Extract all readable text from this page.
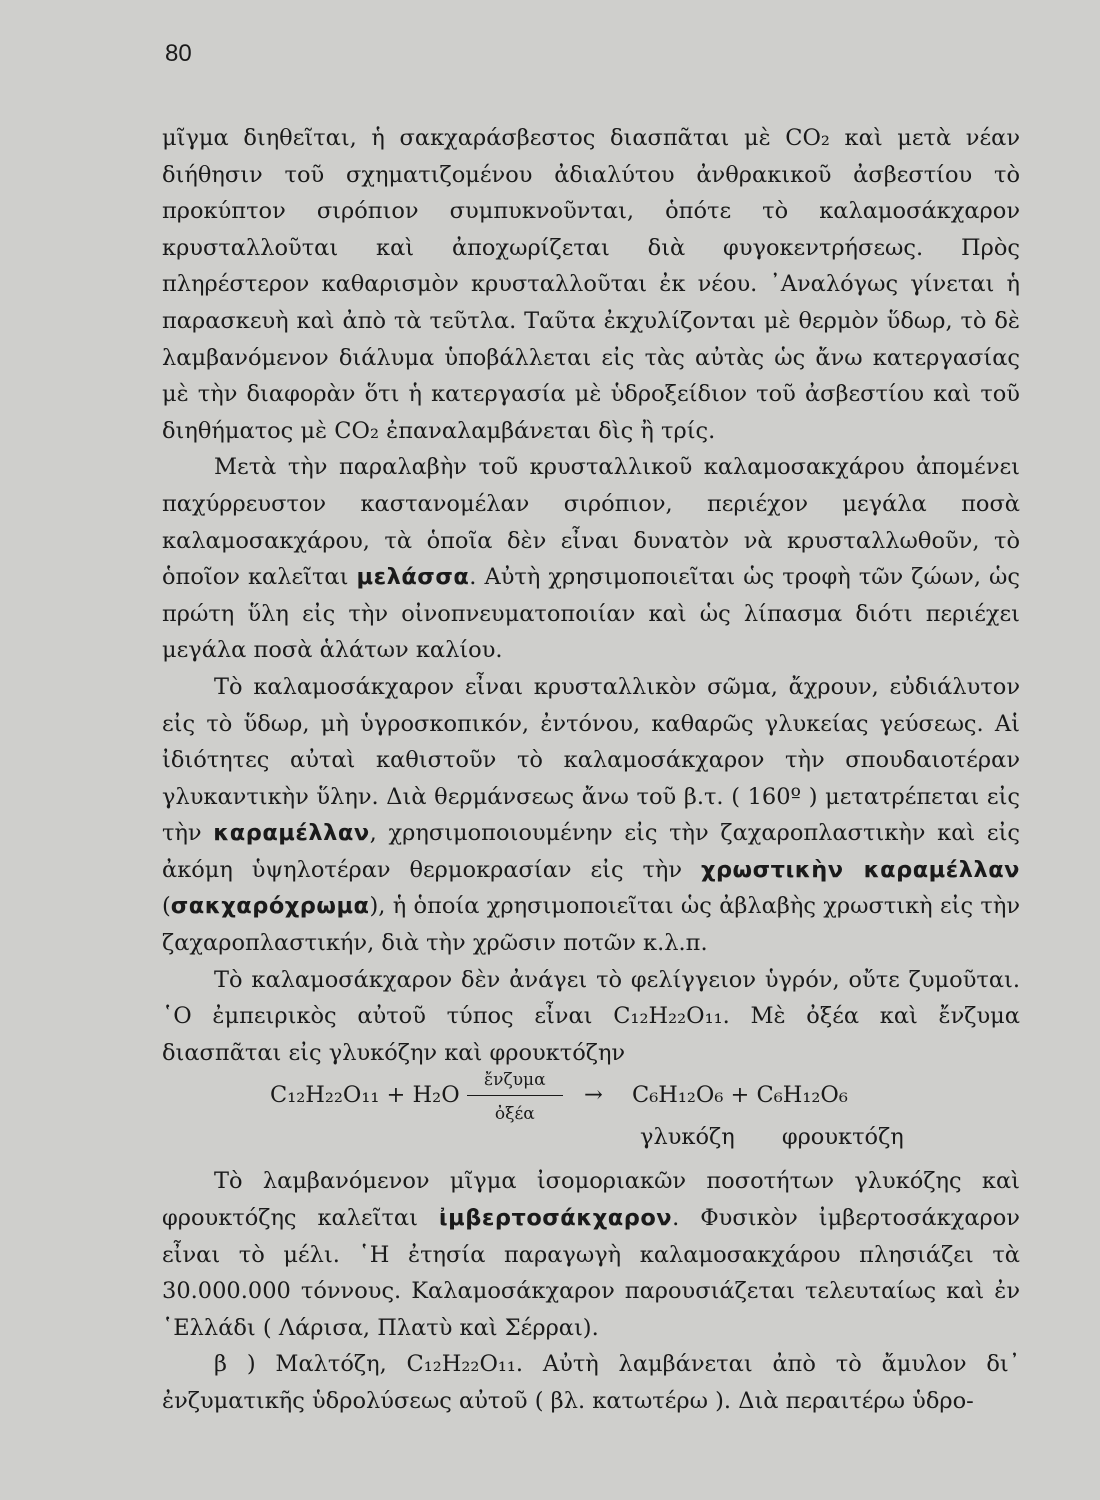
80

μῖγμα διηθεῖται, ἡ σακχαράσβεστος διασπᾶται μὲ CO₂ καὶ μετὰ νέαν διήθησιν τοῦ σχηματιζομένου ἀδιαλύτου ἀνθρακικοῦ ἀσβεστίου τὸ προκύπτον σιρόπιον συμπυκνοῦνται, ὁπότε τὸ καλαμοσάκχαρον κρυσταλλοῦται καὶ ἀποχωρίζεται διὰ φυγοκεντρήσεως. Πρὸς πληρέστερον καθαρισμὸν κρυσταλλοῦται ἐκ νέου. ᾿Αναλόγως γίνεται ἡ παρασκευὴ καὶ ἀπὸ τὰ τεῦτλα. Ταῦτα ἐκχυλίζονται μὲ θερμὸν ὕδωρ, τὸ δὲ λαμβανόμενον διάλυμα ὑποβάλλεται εἰς τὰς αὐτὰς ὡς ἄνω κατεργασίας μὲ τὴν διαφορὰν ὅτι ἡ κατεργασία μὲ ὑδροξείδιον τοῦ ἀσβεστίου καὶ τοῦ διηθήματος μὲ CO₂ ἐπαναλαμβάνεται δὶς ἢ τρίς.

Μετὰ τὴν παραλαβὴν τοῦ κρυσταλλικοῦ καλαμοσακχάρου ἀπομένει παχύρρευστον καστανομέλαν σιρόπιον, περιέχον μεγάλα ποσὰ καλαμοσακχάρου, τὰ ὁποῖα δὲν εἶναι δυνατὸν νὰ κρυσταλλωθοῦν, τὸ ὁποῖον καλεῖται μελάσσα. Αὐτὴ χρησιμοποιεῖται ὡς τροφὴ τῶν ζώων, ὡς πρώτη ὕλη εἰς τὴν οἰνοπνευματοποιίαν καὶ ὡς λίπασμα διότι περιέχει μεγάλα ποσὰ ἁλάτων καλίου.

Τὸ καλαμοσάκχαρον εἶναι κρυσταλλικὸν σῶμα, ἄχρουν, εὐδιάλυτον εἰς τὸ ὕδωρ, μὴ ὑγροσκοπικόν, ἐντόνου, καθαρῶς γλυκείας γεύσεως. Αἱ ἰδιότητες αὐταὶ καθιστοῦν τὸ καλαμοσάκχαρον τὴν σπουδαιοτέραν γλυκαντικὴν ὕλην. Διὰ θερμάνσεως ἄνω τοῦ β.τ. ( 160º ) μετατρέπεται εἰς τὴν καραμέλλαν, χρησιμοποιουμένην εἰς τὴν ζαχαροπλαστικὴν καὶ εἰς ἀκόμη ὑψηλοτέραν θερμοκρασίαν εἰς τὴν χρωστικὴν καραμέλλαν (σακχαρόχρωμα), ἡ ὁποία χρησιμοποιεῖται ὡς ἀβλαβὴς χρωστικὴ εἰς τὴν ζαχαροπλαστικήν, διὰ τὴν χρῶσιν ποτῶν κ.λ.π.

Τὸ καλαμοσάκχαρον δὲν ἀνάγει τὸ φελίγγειον ὑγρόν, οὔτε ζυμοῦται. ῾Ο ἐμπειρικὸς αὐτοῦ τύπος εἶναι C₁₂H₂₂O₁₁. Μὲ ὀξέα καὶ ἔνζυμα διασπᾶται εἰς γλυκόζην καὶ φρουκτόζην

C₁₂H₂₂O₁₁ + H₂O
ἔνζυμα
ὀξέα
→ C₆H₁₂O₆ + C₆H₁₂O₆
γλυκόζη φρουκτόζη

Τὸ λαμβανόμενον μῖγμα ἰσομοριακῶν ποσοτήτων γλυκόζης καὶ φρουκτόζης καλεῖται ἰμβερτοσάκχαρον. Φυσικὸν ἰμβερτοσάκχαρον εἶναι τὸ μέλι. ῾Η ἐτησία παραγωγὴ καλαμοσακχάρου πλησιάζει τὰ 30.000.000 τόννους. Καλαμοσάκχαρον παρουσιάζεται τελευταίως καὶ ἐν ῾Ελλάδι ( Λάρισα, Πλατὺ καὶ Σέρραι).

β ) Μαλτόζη, C₁₂H₂₂O₁₁. Αὐτὴ λαμβάνεται ἀπὸ τὸ ἄμυλον δι᾿ ἐνζυματικῆς ὑδρολύσεως αὐτοῦ ( βλ. κατωτέρω ). Διὰ περαιτέρω ὑδρο-
